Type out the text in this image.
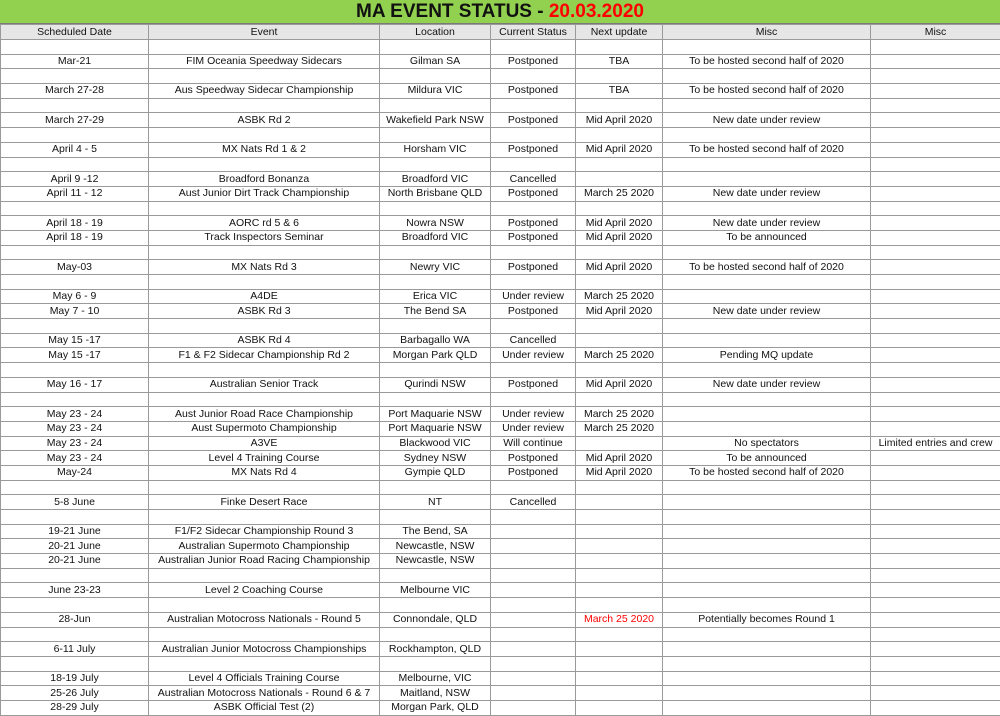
MA EVENT STATUS - 20.03.2020
Scheduled Date	Event	Location	Current Status	Next update	Misc	Misc

Mar-21	FIM Oceania Speedway Sidecars	Gilman SA	Postponed	TBA	To be hosted second half of 2020	

March 27-28	Aus Speedway Sidecar Championship	Mildura VIC	Postponed	TBA	To be hosted second half of 2020	

March 27-29	ASBK Rd 2	Wakefield Park NSW	Postponed	Mid April 2020	New date under review	

April 4 - 5	MX Nats Rd 1 & 2	Horsham VIC	Postponed	Mid April 2020	To be hosted second half of 2020	

April 9 -12	Broadford Bonanza	Broadford VIC	Cancelled			
April 11 - 12	Aust Junior Dirt Track Championship	North Brisbane QLD	Postponed	March 25 2020	New date under review	

April 18 - 19	AORC rd 5 & 6	Nowra NSW	Postponed	Mid April 2020	New date under review	
April 18 - 19	Track Inspectors Seminar	Broadford VIC	Postponed	Mid April 2020	To be announced	

May-03	MX Nats Rd 3	Newry VIC	Postponed	Mid April 2020	To be hosted second half of 2020	

May 6 - 9	A4DE	Erica VIC	Under review	March 25 2020		
May 7 - 10	ASBK Rd 3	The Bend SA	Postponed	Mid April 2020	New date under review	

May 15 -17	ASBK Rd 4	Barbagallo WA	Cancelled			
May 15 -17	F1 & F2 Sidecar Championship Rd 2	Morgan Park QLD	Under review	March 25 2020	Pending MQ update	

May 16 - 17	Australian Senior Track	Qurindi NSW	Postponed	Mid April 2020	New date under review	

May 23 - 24	Aust Junior Road Race Championship	Port Maquarie NSW	Under review	March 25 2020		
May 23 - 24	Aust Supermoto Championship	Port Maquarie NSW	Under review	March 25 2020		
May 23 - 24	A3VE	Blackwood VIC	Will continue		No spectators	Limited entries and crew
May 23 - 24	Level 4 Training Course	Sydney NSW	Postponed	Mid April 2020	To be announced	
May-24	MX Nats Rd 4	Gympie QLD	Postponed	Mid April 2020	To be hosted second half of 2020	

5-8 June	Finke Desert Race	NT	Cancelled			

19-21 June	F1/F2 Sidecar Championship Round 3	The Bend, SA				
20-21 June	Australian Supermoto Championship	Newcastle, NSW				
20-21 June	Australian Junior Road Racing Championship	Newcastle, NSW				

June 23-23	Level 2 Coaching Course	Melbourne VIC				

28-Jun	Australian Motocross Nationals - Round 5	Connondale, QLD		March 25 2020	Potentially becomes Round 1	

6-11 July	Australian Junior Motocross Championships	Rockhampton, QLD				

18-19 July	Level 4 Officials Training Course	Melbourne, VIC				
25-26 July	Australian Motocross Nationals - Round 6 & 7	Maitland, NSW				
28-29 July	ASBK Official Test (2)	Morgan Park, QLD				
